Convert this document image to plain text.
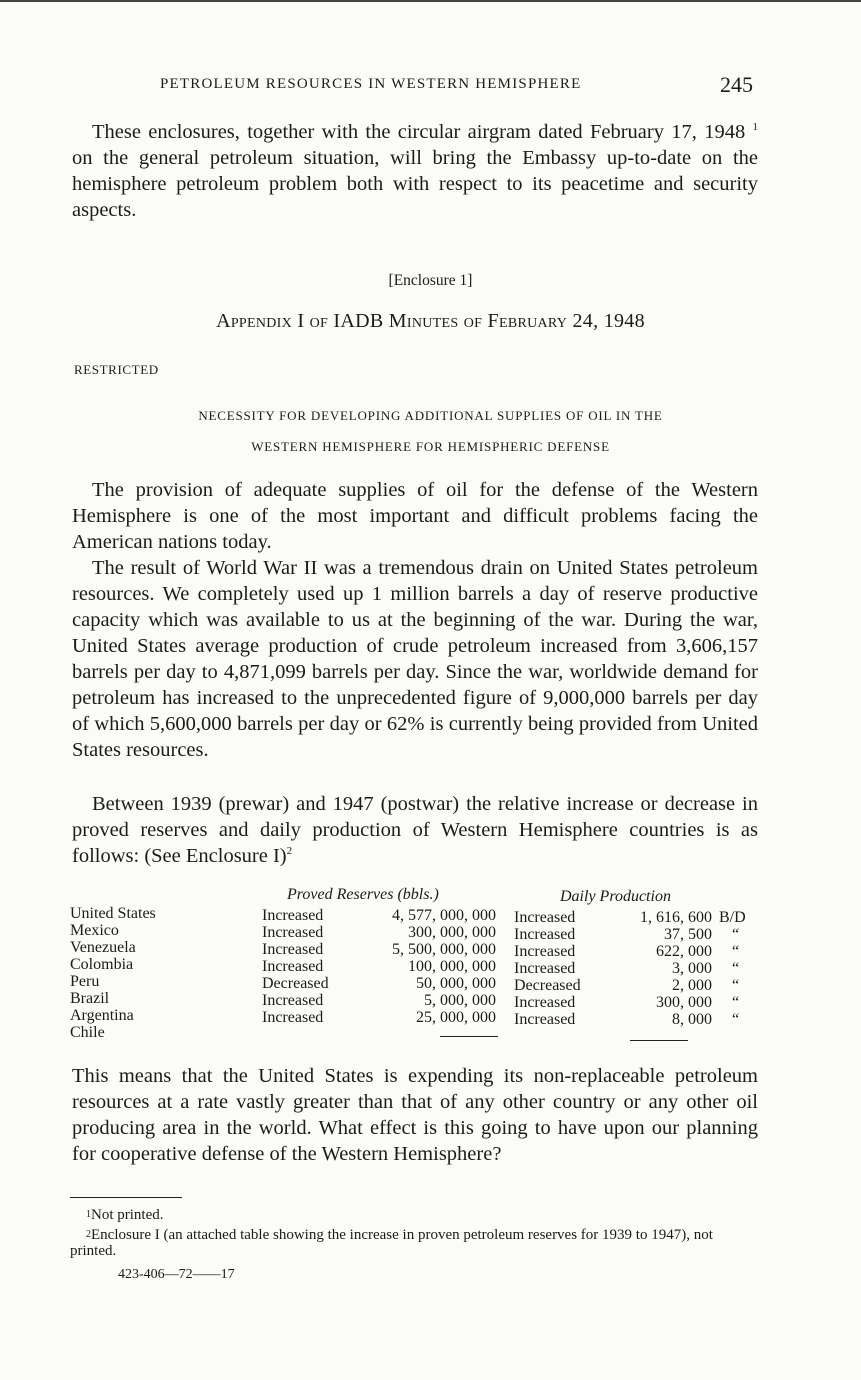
PETROLEUM RESOURCES IN WESTERN HEMISPHERE	245

These enclosures, together with the circular airgram dated February 17, 1948 $^1$ on the general petroleum situation, will bring the Embassy up-to-date on the hemisphere petroleum problem both with respect to its peacetime and security aspects.

[Enclosure 1]
Appendix I of IADB Minutes of February 24, 1948
RESTRICTED
NECESSITY FOR DEVELOPING ADDITIONAL SUPPLIES OF OIL IN THE
WESTERN HEMISPHERE FOR HEMISPHERIC DEFENSE

The provision of adequate supplies of oil for the defense of the Western Hemisphere is one of the most important and difficult problems facing the American nations today.

The result of World War II was a tremendous drain on United States petroleum resources. We completely used up 1 million barrels a day of reserve productive capacity which was available to us at the beginning of the war. During the war, United States average production of crude petroleum increased from 3,606,157 barrels per day to 4,871,099 barrels per day. Since the war, worldwide demand for petroleum has increased to the unprecedented figure of 9,000,000 barrels per day of which 5,600,000 barrels per day or 62% is currently being provided from United States resources.

Between 1939 (prewar) and 1947 (postwar) the relative increase or decrease in proved reserves and daily production of Western Hemisphere countries is as follows: (See Enclosure I)$^2$

Proved Reserves (bbls.)	Daily Production
United States	Increased	4, 577, 000, 000 Increased	1, 616, 600 B/D
Mexico	Increased	300, 000, 000 Increased	37, 500 “
Venezuela	Increased	5, 500, 000, 000 Increased	622, 000 “
Colombia	Increased	100, 000, 000 Increased	3, 000 “
Peru	Decreased	50, 000, 000 Decreased	2, 000 “
Brazil	Increased	5, 000, 000 Increased	300, 000 “
Argentina	Increased	25, 000, 000 Increased	8, 000 “
Chile

This means that the United States is expending its non-replaceable petroleum resources at a rate vastly greater than that of any other country or any other oil producing area in the world. What effect is this going to have upon our planning for cooperative defense of the Western Hemisphere?

$^1$Not printed.

$^2$Enclosure I (an attached table showing the increase in proven petroleum reserves for 1939 to 1947), not printed.

423-406—72——17
